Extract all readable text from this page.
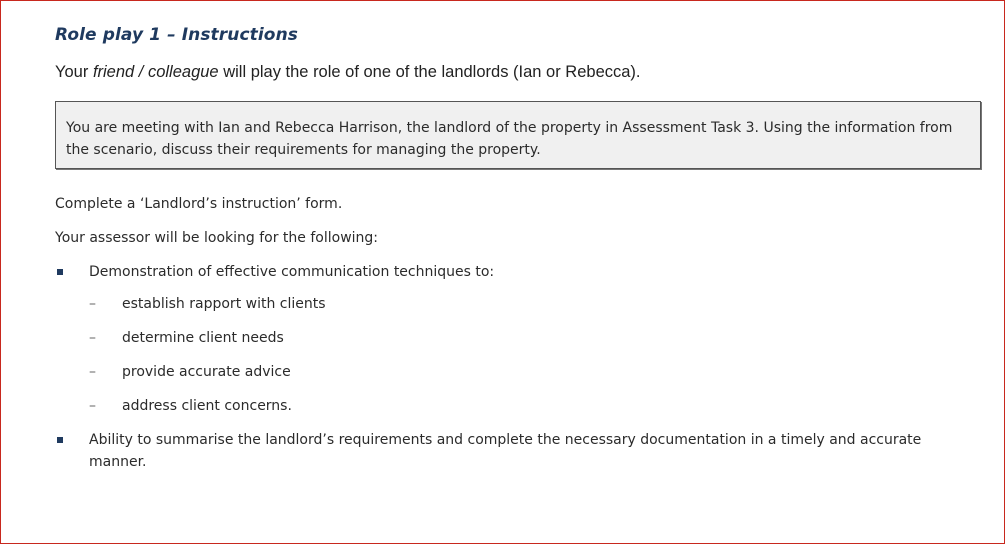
Role play 1 – Instructions
Your friend / colleague will play the role of one of the landlords (Ian or Rebecca).

You are meeting with Ian and Rebecca Harrison, the landlord of the property in Assessment Task 3. Using the information from the scenario, discuss their requirements for managing the property.

Complete a ‘Landlord’s instruction’ form.
Your assessor will be looking for the following:
Demonstration of effective communication techniques to:
– establish rapport with clients
– determine client needs
– provide accurate advice
– address client concerns.
Ability to summarise the landlord’s requirements and complete the necessary documentation in a timely and accurate manner.
